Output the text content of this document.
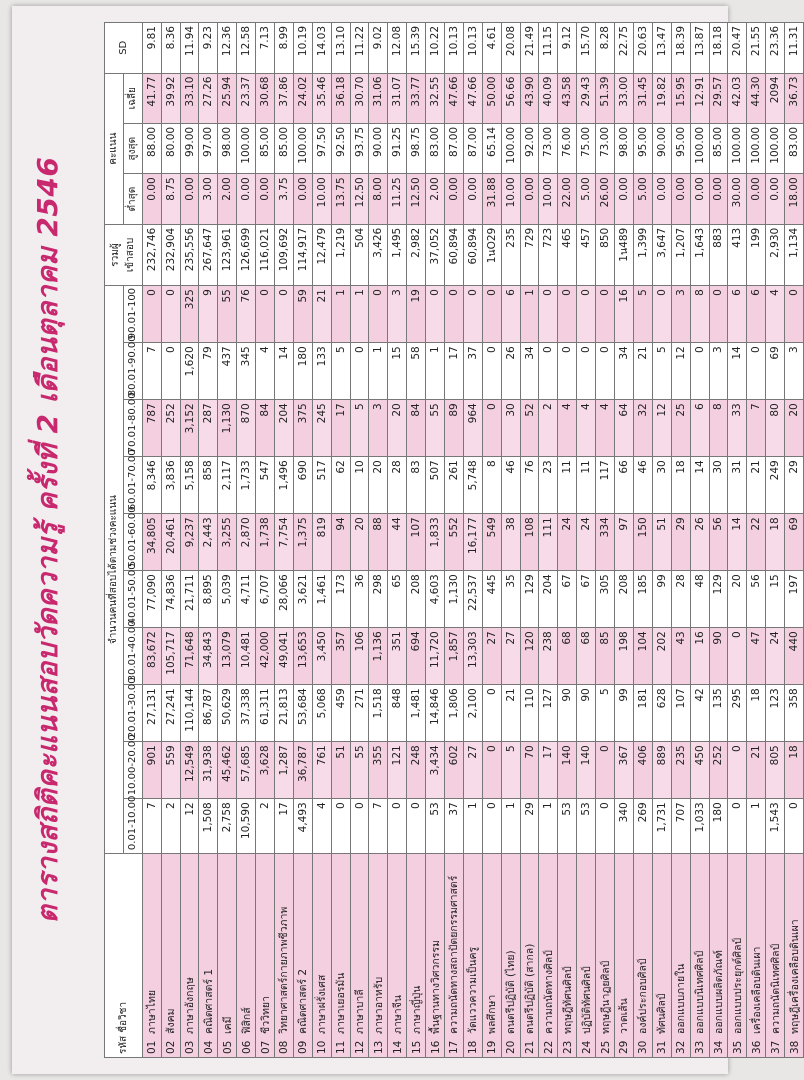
ตารางสถิติคะแนนสอบวัดความรู้ ครั้งที่ 2 เดือนตุลาคม 2546
รหัส ชื่อวิชา	จำนวนคนที่สอบได้ตามช่วงคะแนน										รวมผู้ เข้าสอบ	คะแนน			SD
	0.01-10.00	10.00-20.00	20.01-30.00	30.01-40.00	40.01-50.00	50.01-60.00	60.01-70.00	70.01-80.00	80.01-90.00	90.01-100		ต่ำสุด	สูงสุด	เฉลี่ย	
01  ภาษาไทย	7	901	27,131	83,672	77,090	34,805	8,346	787	7	0	232,746	0.00	88.00	41.77	9.81
02  สังคม	2	559	27,241	105,717	74,836	20,461	3,836	252	0	0	232,904	8.75	80.00	39.92	8.36
03  ภาษาอังกฤษ	12	12,549	110,144	71,648	21,711	9,237	5,158	3,152	1,620	325	235,556	0.00	99.00	33.10	11.94
04  คณิตศาสตร์ 1	1,508	31,938	86,787	34,843	8,895	2,443	858	287	79	9	267,647	3.00	97.00	27.26	9.23
05  เคมี	2,758	45,462	50,629	13,079	5,039	3,255	2,117	1,130	437	55	123,961	2.00	98.00	25.94	12.36
06  ฟิสิกส์	10,590	57,685	37,338	10,481	4,711	2,870	1,733	870	345	76	126,699	0.00	100.00	23.37	12.58
07  ชีววิทยา	2	3,628	61,311	42,000	6,707	1,738	547	84	4	0	116,021	0.00	85.00	30.68	7.13
08  วิทยาศาสตร์กายภาพชีวภาพ	17	1,287	21,813	49,041	28,066	7,754	1,496	204	14	0	109,692	3.75	85.00	37.86	8.99
09  คณิตศาสตร์ 2	4,493	36,787	53,684	13,653	3,621	1,375	690	375	180	59	114,917	0.00	100.00	24.02	10.19
10  ภาษาฝรั่งเศส	4	761	5,068	3,450	1,461	819	517	245	133	21	12,479	10.00	97.50	35.46	14.03
11  ภาษาเยอรมัน	0	51	459	357	173	94	62	17	5	1	1,219	13.75	92.50	36.18	13.10
12  ภาษาบาลี	0	55	271	106	36	20	10	5	0	1	504	12.50	93.75	30.70	11.22
13  ภาษาอาหรับ	7	355	1,518	1,136	298	88	20	3	1	0	3,426	8.00	90.00	31.06	9.02
14  ภาษาจีน	0	121	848	351	65	44	28	20	15	3	1,495	11.25	91.25	31.07	12.08
15  ภาษาญี่ปุ่น	0	248	1,481	694	208	107	83	84	58	19	2,982	12.50	98.75	33.77	15.39
16  พื้นฐานทางวิศวกรรม	53	3,434	14,846	11,720	4,603	1,833	507	55	1	0	37,052	2.00	83.00	32.55	10.22
17  ความถนัดทางสถาปัตยกรรมศาสตร์	37	602	1,806	1,857	1,130	552	261	89	17	0	60,894	0.00	87.00	47.66	10.13
18  วัดแววความเป็นครู	1	27	2,100	13,303	22,537	16,177	5,748	964	37	0	60,894	0.00	87.00	47.66	10.13
19  พลศึกษา	0	0	0	27	445	549	8	0	0	0	1นO29	31.88	65.14	50.00	4.61
20  ดนตรีปฏิบัติ (ไทย)	1	5	21	27	35	38	46	30	26	6	235	10.00	100.00	56.66	20.08
21  ดนตรีปฏิบัติ (สากล)	29	70	110	120	129	108	76	52	34	1	729	0.00	92.00	43.90	21.49
22  ความถนัดทางศิลป์	1	17	127	238	204	111	23	2	0	0	723	10.00	73.00	40.09	11.15
23  ทฤษฎีทัศนศิลป์	53	140	90	68	67	24	11	4	0	0	465	22.00	76.00	43.58	9.12
24  ปฏิบัติทัศนศิลป์	53	140	90	68	67	24	11	4	0	0	457	5.00	75.00	29.43	15.70
25  ทฤษฎีนาฏยศิลป์	0	0	5	85	305	334	117	4	0	0	850	26.00	73.00	51.39	8.28
29  วาดเส้น	340	367	99	198	208	97	66	64	34	16	1น489	0.00	98.00	33.00	22.75
30  องค์ประกอบศิลป์	269	406	181	104	185	150	46	32	21	5	1,399	5.00	95.00	31.45	20.63
31  ทัศนศิลป์	1,731	889	628	202	99	51	30	12	5	0	3,647	0.00	90.00	19.82	13.47
32  ออกแบบภายใน	707	235	107	43	28	29	18	25	12	3	1,207	0.00	95.00	15.95	18.39
33  ออกแบบนิเทศศิลป์	1,033	450	42	16	48	26	14	6	0	8	1,643	0.00	100.00	12.91	13.87
34  ออกแบบผลิตภัณฑ์	180	252	135	90	129	56	30	8	3	0	883	0.00	85.00	29.57	18.18
35  ออกแบบประยุกต์ศิลป์	0	0	295	0	20	14	31	33	14	6	413	30.00	100.00	42.03	20.47
36  เครื่องเคลือบดินเผา	1	21	18	47	56	22	21	7	0	6	199	0.00	100.00	44.30	21.55
37  ความถนัดนิเทศศิลป์	1,543	805	123	24	15	18	249	80	69	4	2,930	0.00	100.00	2094	23.36
38  ทฤษฎีเครื่องเคลือบดินเผา	0	18	358	440	197	69	29	20	3	0	1,134	18.00	83.00	36.73	11.31
